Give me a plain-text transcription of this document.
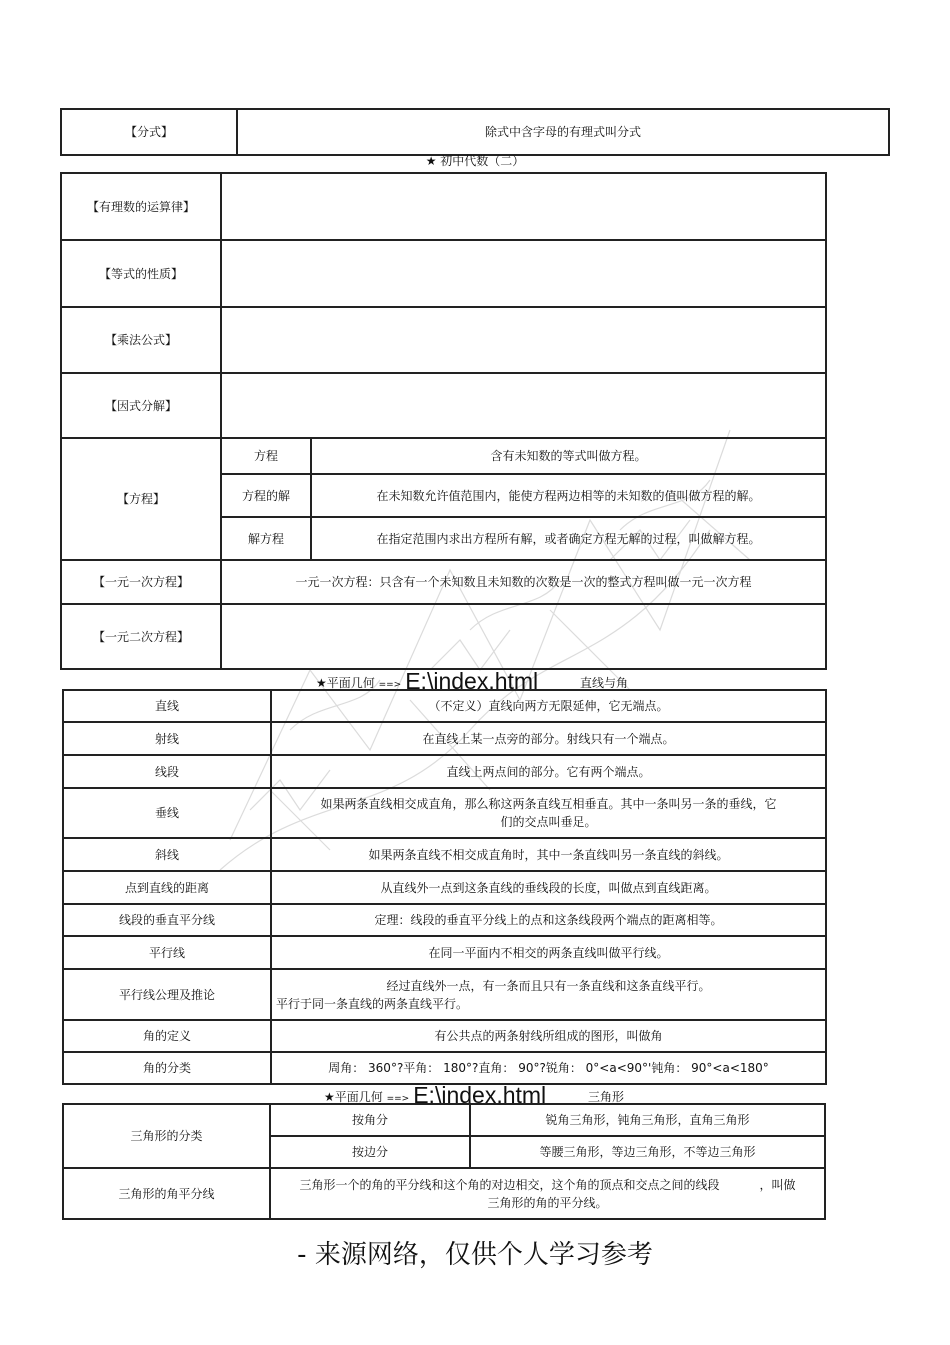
【分式】	除式中含字母的有理式叫分式
★ 初中代数（二）
【有理数的运算律】		
【等式的性质】		
【乘法公式】		
【因式分解】		
【方程】	方程	含有未知数的等式叫做方程。
	方程的解	在未知数允许值范围内，能使方程两边相等的未知数的值叫做方程的解。
	解方程	在指定范围内求出方程所有解，或者确定方程无解的过程，叫做解方程。
【一元一次方程】	一元一次方程：只含有一个未知数且未知数的次数是一次的整式方程叫做一元一次方程	
【一元二次方程】		
★平面几何 ==> E:\index.html	直线与角
直线	（不定义）直线向两方无限延伸，它无端点。
射线	在直线上某一点旁的部分。射线只有一个端点。
线段	直线上两点间的部分。它有两个端点。
垂线	如果两条直线相交成直角，那么称这两条直线互相垂直。其中一条叫另一条的垂线，它
们的交点叫垂足。

斜线	如果两条直线不相交成直角时，其中一条直线叫另一条直线的斜线。
点到直线的距离	从直线外一点到这条直线的垂线段的长度，叫做点到直线距离。
线段的垂直平分线	定理：线段的垂直平分线上的点和这条线段两个端点的距离相等。
平行线	在同一平面内不相交的两条直线叫做平行线。
平行线公理及推论	经过直线外一点，有一条而且只有一条直线和这条直线平行。
平行于同一条直线的两条直线平行。

角的定义	有公共点的两条射线所组成的图形，叫做角
角的分类	周角： 360°?平角： 180°?直角： 90°?锐角： 0°<a<90°'钝角： 90°<a<180°
★平面几何 ==> E:\index.html	三角形
三角形的分类	按角分	锐角三角形，钝角三角形，直角三角形
	按边分	等腰三角形，等边三角形，不等边三角形
三角形的角平分线	三角形一个的角的平分线和这个角的对边相交，这个角的顶点和交点之间的线段 ，叫做
三角形的角的平分线。	
- 来源网络，仅供个人学习参考
